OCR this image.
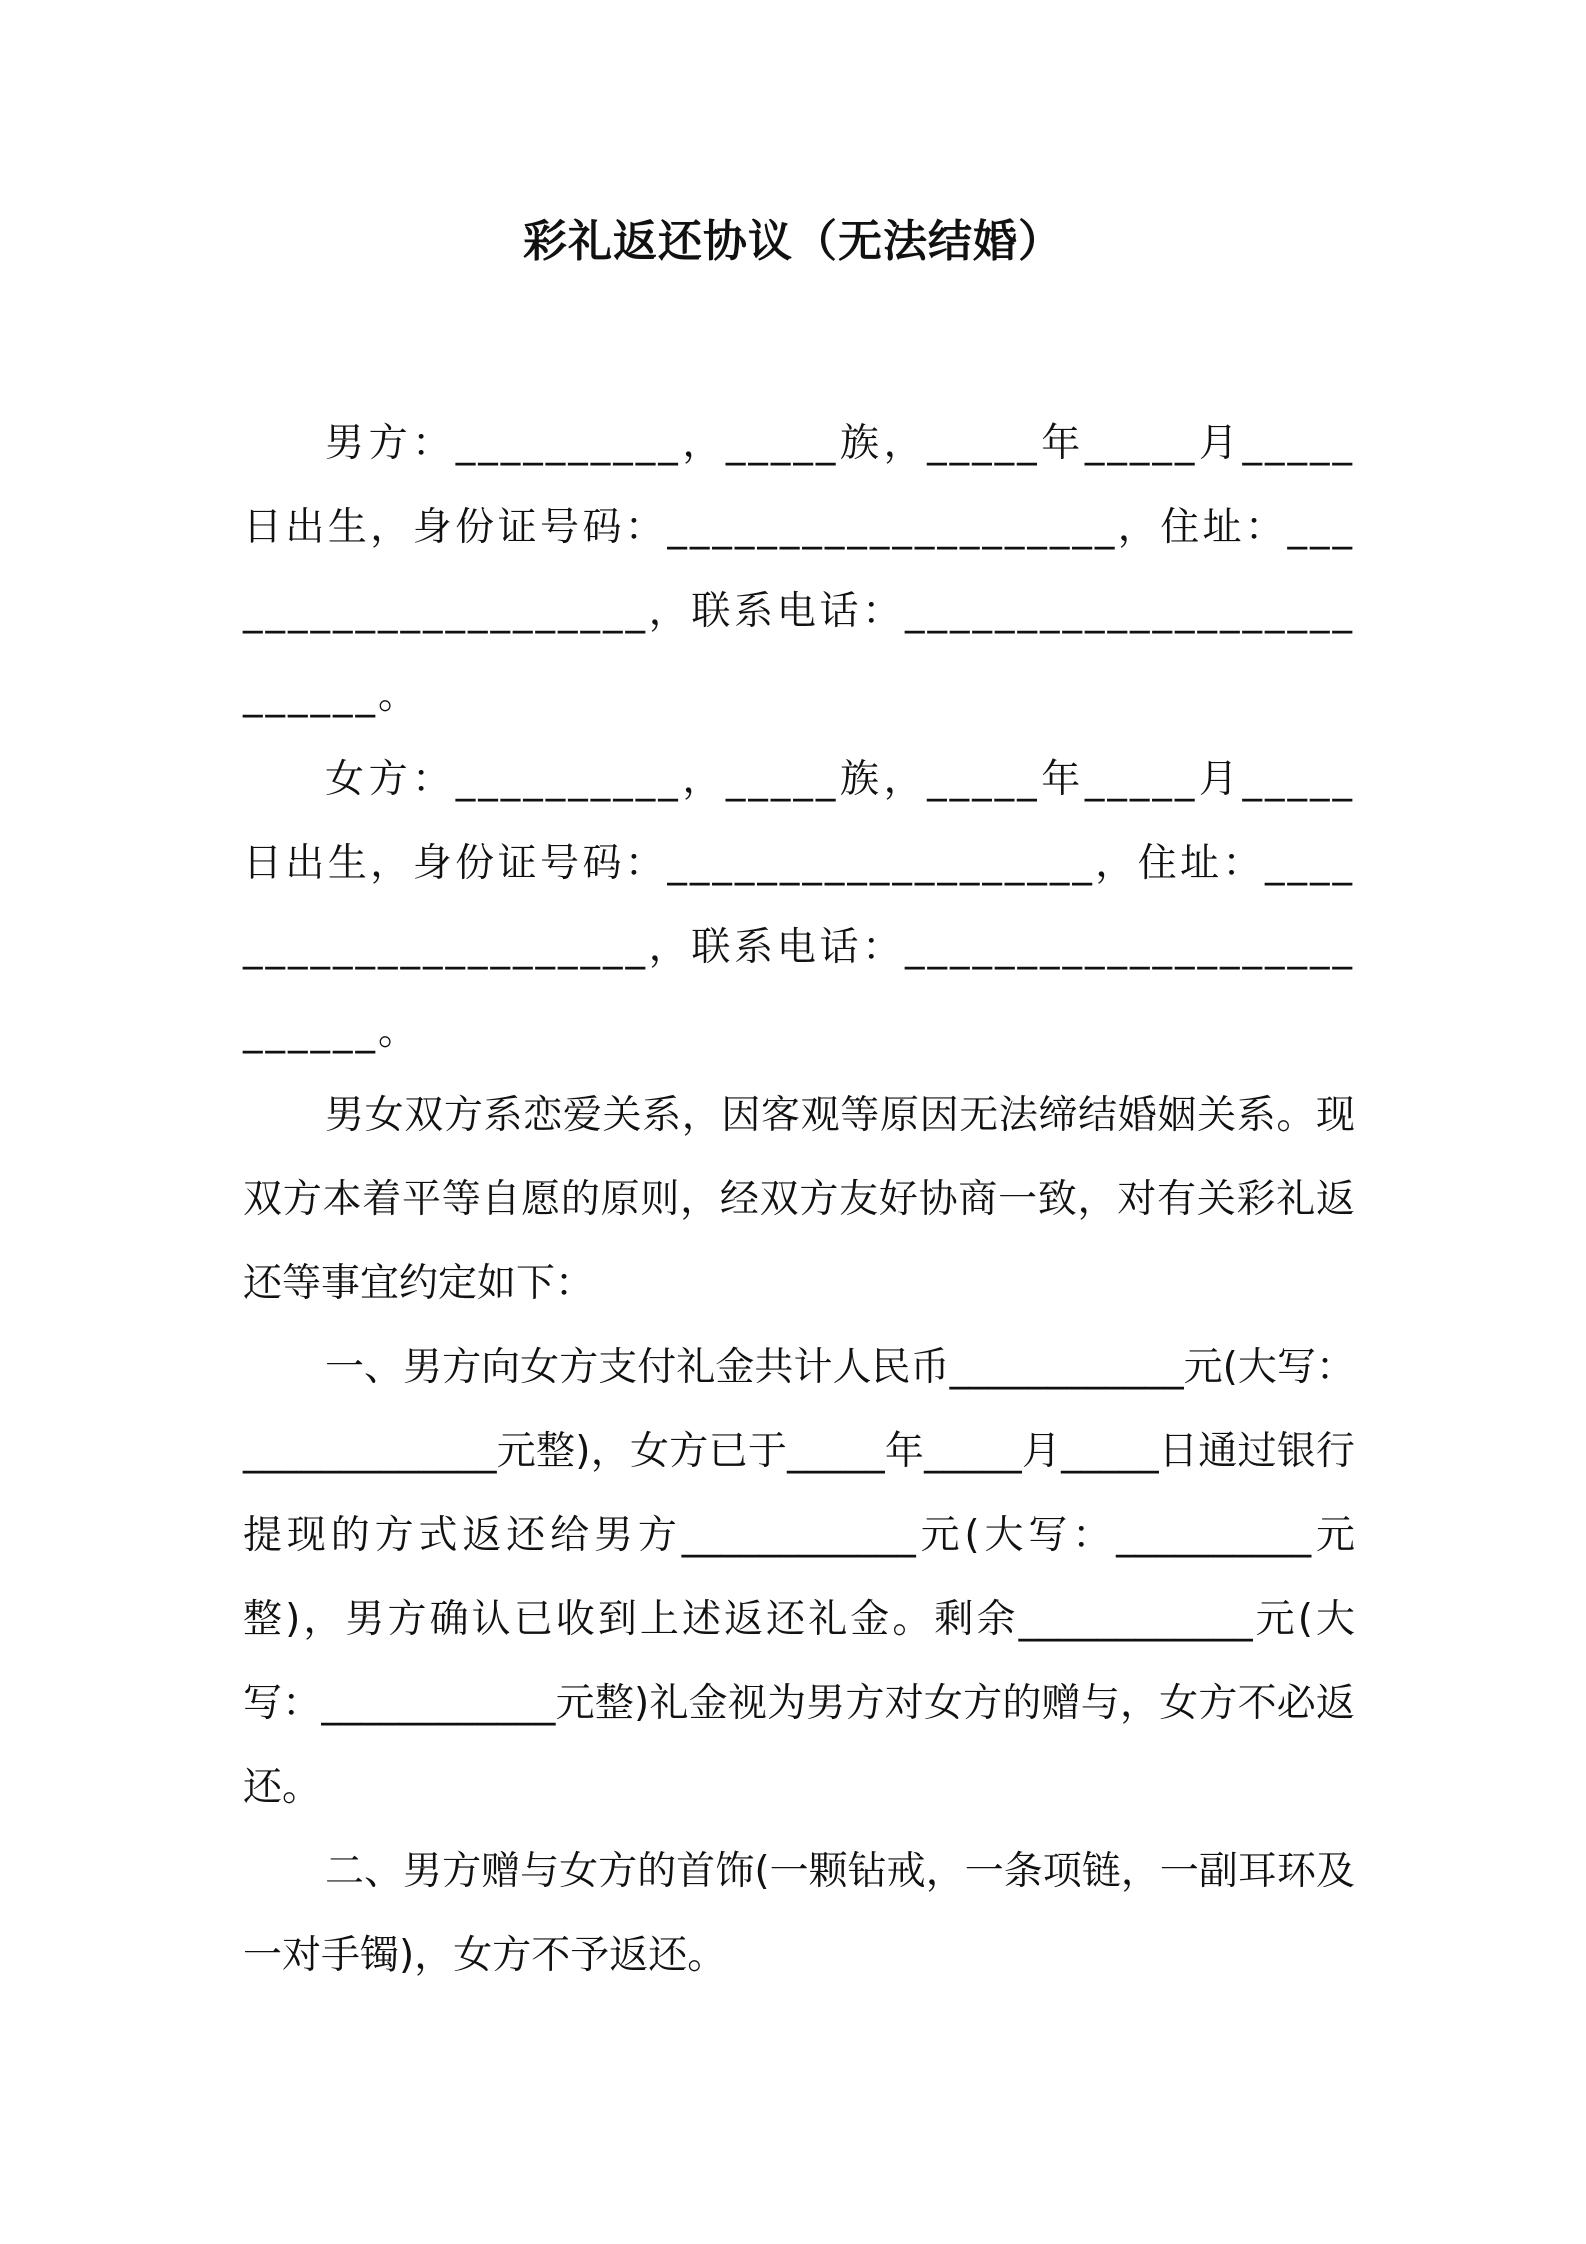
彩礼返还协议（无法结婚）

男方：__________，_____族，_____年_____月_____日出生，身份证号码：____________________，住址：_____________________，联系电话：__________________________。

女方：__________，_____族，_____年_____月_____日出生，身份证号码：___________________，住址：______________________，联系电话：__________________________。

男女双方系恋爱关系，因客观等原因无法缔结婚姻关系。现双方本着平等自愿的原则，经双方友好协商一致，对有关彩礼返还等事宜约定如下：

一、男方向女方支付礼金共计人民币____________元(大写：_____________元整)，女方已于_____年_____月_____日通过银行提现的方式返还给男方____________元(大写：__________元整)，男方确认已收到上述返还礼金。剩余____________元(大写：____________元整)礼金视为男方对女方的赠与，女方不必返还。

二、男方赠与女方的首饰(一颗钻戒，一条项链，一副耳环及一对手镯)，女方不予返还。
